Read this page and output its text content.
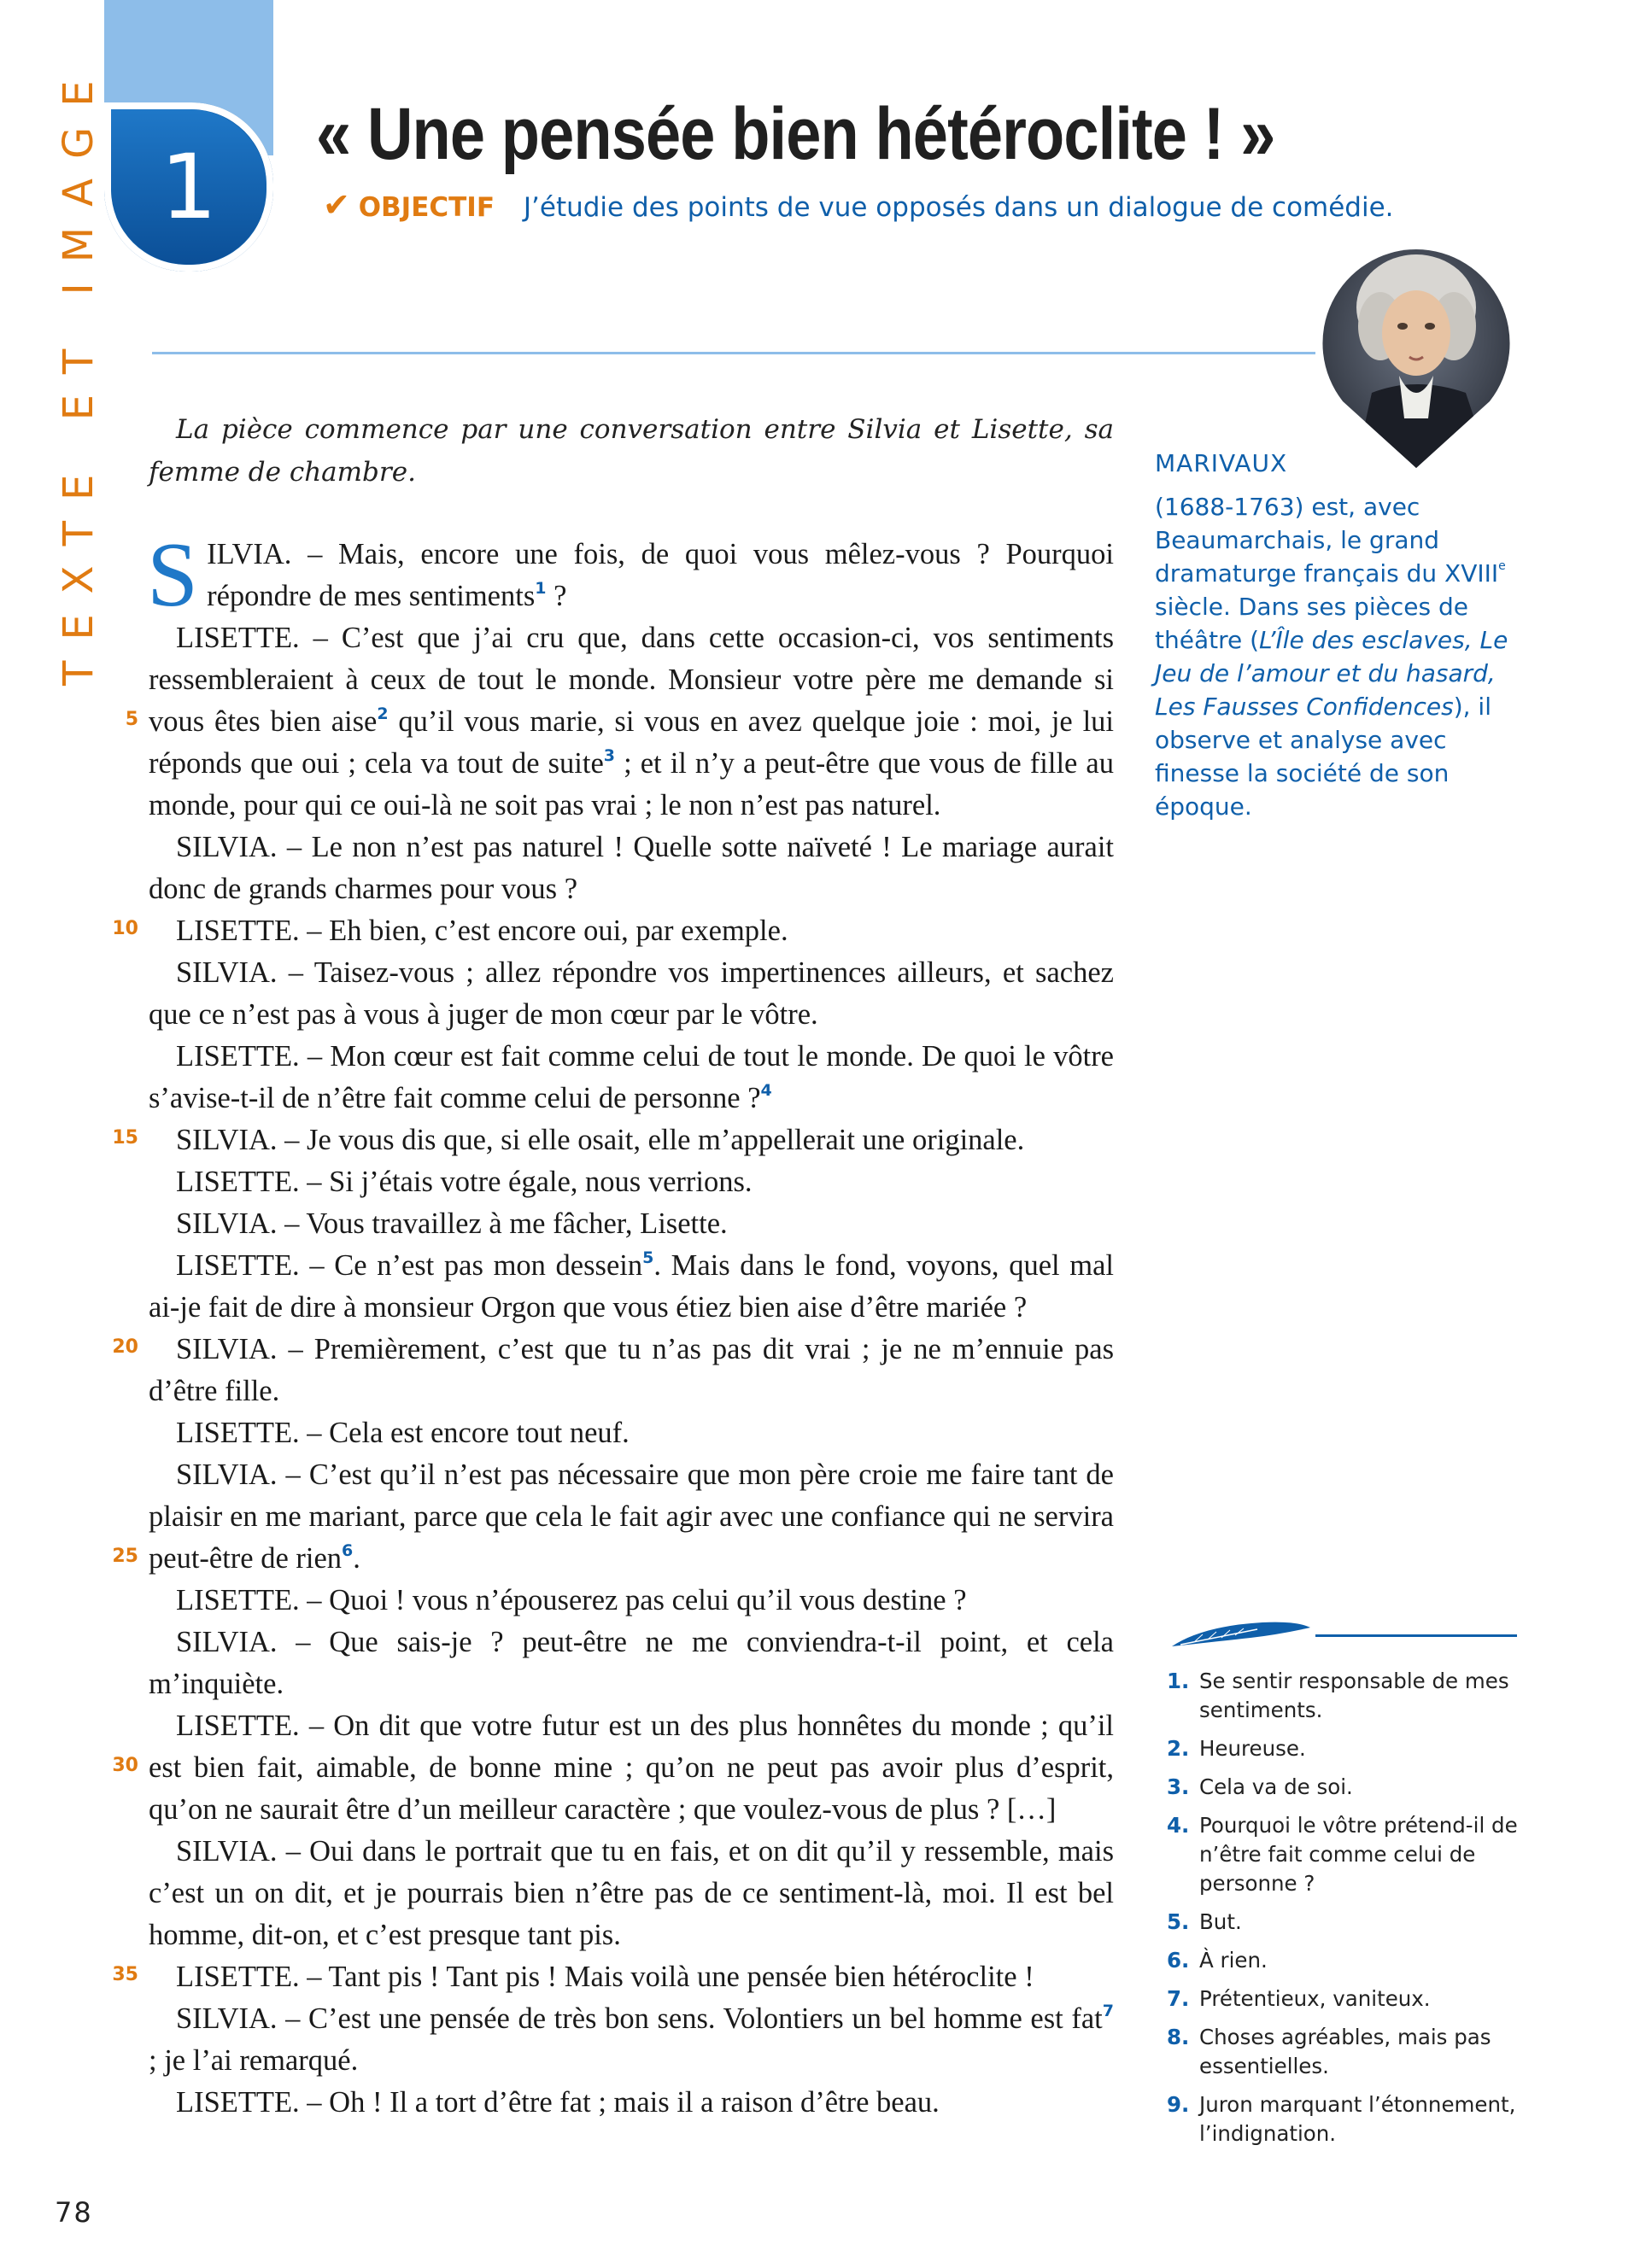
TEXTE ET IMAGE 1
« Une pensée bien hétéroclite ! »
✔ OBJECTIF J’étudie des points de vue opposés dans un dialogue de comédie.

La pièce commence par une conversation entre Silvia et Lisette, sa femme de chambre.

SILVIA. – Mais, encore une fois, de quoi vous mêlez-vous ? Pourquoi répondre de mes sentiments$^1$ ?

LISETTE. – C’est que j’ai cru que, dans cette occasion-ci, vos sentiments ressembleraient à ceux de tout le monde. Monsieur votre père me demande si vous êtes bien aise$^2$ qu’il vous marie, si vous en avez quelque joie : moi, je lui réponds que oui ; cela va tout de suite$^3$ ; et il n’y a peut-être que vous de fille au monde, pour qui ce oui-là ne soit pas vrai ; le non n’est pas naturel.

SILVIA. – Le non n’est pas naturel ! Quelle sotte naïveté ! Le mariage aurait donc de grands charmes pour vous ?

LISETTE. – Eh bien, c’est encore oui, par exemple.

SILVIA. – Taisez-vous ; allez répondre vos impertinences ailleurs, et sachez que ce n’est pas à vous à juger de mon cœur par le vôtre.

LISETTE. – Mon cœur est fait comme celui de tout le monde. De quoi le vôtre s’avise-t-il de n’être fait comme celui de personne ?$^4$

SILVIA. – Je vous dis que, si elle osait, elle m’appellerait une originale.

LISETTE. – Si j’étais votre égale, nous verrions.

SILVIA. – Vous travaillez à me fâcher, Lisette.

LISETTE. – Ce n’est pas mon dessein$^5$. Mais dans le fond, voyons, quel mal ai-je fait de dire à monsieur Orgon que vous étiez bien aise d’être mariée ?

SILVIA. – Premièrement, c’est que tu n’as pas dit vrai ; je ne m’ennuie pas d’être fille.

LISETTE. – Cela est encore tout neuf.

SILVIA. – C’est qu’il n’est pas nécessaire que mon père croie me faire tant de plaisir en me mariant, parce que cela le fait agir avec une confiance qui ne servira peut-être de rien$^6$.

LISETTE. – Quoi ! vous n’épouserez pas celui qu’il vous destine ?

SILVIA. – Que sais-je ? peut-être ne me conviendra-t-il point, et cela m’inquiète.

LISETTE. – On dit que votre futur est un des plus honnêtes du monde ; qu’il est bien fait, aimable, de bonne mine ; qu’on ne peut pas avoir plus d’esprit, qu’on ne saurait être d’un meilleur caractère ; que voulez-vous de plus ? […]

SILVIA. – Oui dans le portrait que tu en fais, et on dit qu’il y ressemble, mais c’est un on dit, et je pourrais bien n’être pas de ce sentiment-là, moi. Il est bel homme, dit-on, et c’est presque tant pis.

LISETTE. – Tant pis ! Tant pis ! Mais voilà une pensée bien hétéroclite !

SILVIA. – C’est une pensée de très bon sens. Volontiers un bel homme est fat$^7$ ; je l’ai remarqué.

LISETTE. – Oh ! Il a tort d’être fat ; mais il a raison d’être beau.

5
10
15
20
25
30
35
MARIVAUX
(1688-1763) est, avec Beaumarchais, le grand dramaturge français du XVIIIe siècle. Dans ses pièces de théâtre (L’Île des esclaves, Le Jeu de l’amour et du hasard, Les Fausses Confidences), il observe et analyse avec finesse la société de son époque.
1. Se sentir responsable de mes sentiments.
2. Heureuse.
3. Cela va de soi.
4. Pourquoi le vôtre prétend-il de n’être fait comme celui de personne ?
5. But.
6. À rien.
7. Prétentieux, vaniteux.
8. Choses agréables, mais pas essentielles.
9. Juron marquant l’étonnement, l’indignation.
78
